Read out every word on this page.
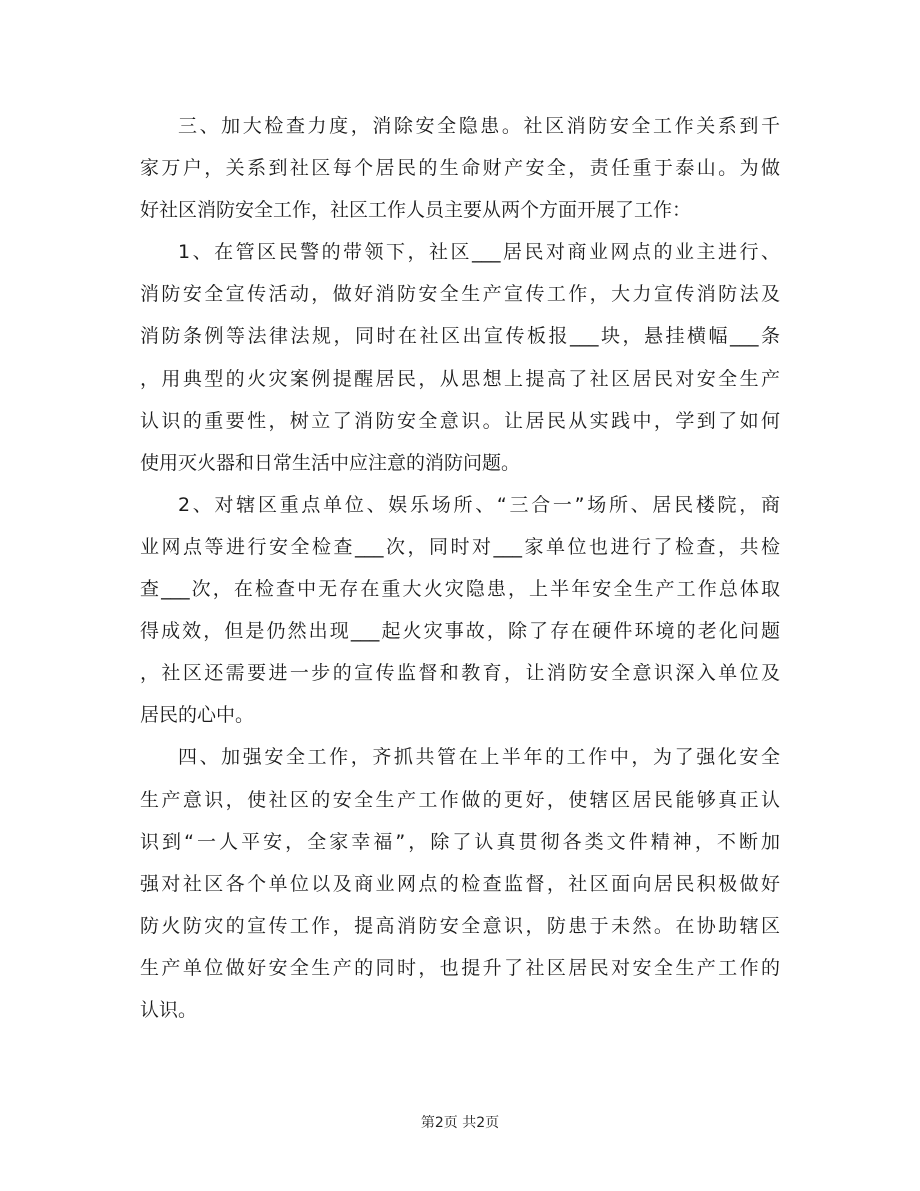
三、加大检查力度，消除安全隐患。社区消防安全工作关系到千
家万户，关系到社区每个居民的生命财产安全，责任重于泰山。为做
好社区消防安全工作，社区工作人员主要从两个方面开展了工作：
1、在管区民警的带领下，社区___居民对商业网点的业主进行、
消防安全宣传活动，做好消防安全生产宣传工作，大力宣传消防法及
消防条例等法律法规，同时在社区出宣传板报___块，悬挂横幅___条
，用典型的火灾案例提醒居民，从思想上提高了社区居民对安全生产
认识的重要性，树立了消防安全意识。让居民从实践中，学到了如何
使用灭火器和日常生活中应注意的消防问题。
2、对辖区重点单位、娱乐场所、“三合一”场所、居民楼院，商
业网点等进行安全检查___次，同时对___家单位也进行了检查，共检
查___次，在检查中无存在重大火灾隐患，上半年安全生产工作总体取
得成效，但是仍然出现___起火灾事故，除了存在硬件环境的老化问题
，社区还需要进一步的宣传监督和教育，让消防安全意识深入单位及
居民的心中。
四、加强安全工作，齐抓共管在上半年的工作中，为了强化安全
生产意识，使社区的安全生产工作做的更好，使辖区居民能够真正认
识到“一人平安，全家幸福”，除了认真贯彻各类文件精神，不断加
强对社区各个单位以及商业网点的检查监督，社区面向居民积极做好
防火防灾的宣传工作，提高消防安全意识，防患于未然。在协助辖区
生产单位做好安全生产的同时，也提升了社区居民对安全生产工作的
认识。
第2页 共2页
